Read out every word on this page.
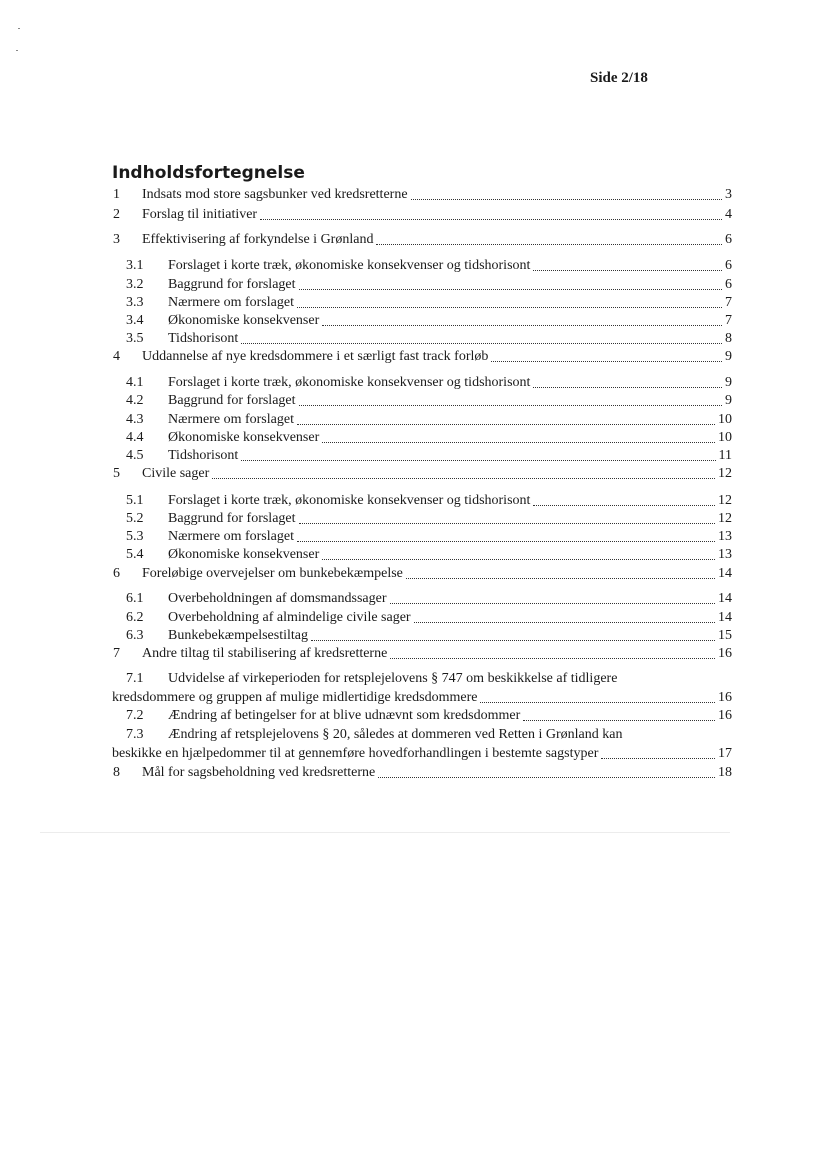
Side 2/18
Indholdsfortegnelse
1 Indsats mod store sagsbunker ved kredsretterne	3
2 Forslag til initiativer	4
3 Effektivisering af forkyndelse i Grønland	6
3.1 Forslaget i korte træk, økonomiske konsekvenser og tidshorisont	6
3.2 Baggrund for forslaget	6
3.3 Nærmere om forslaget	7
3.4 Økonomiske konsekvenser	7
3.5 Tidshorisont	8
4 Uddannelse af nye kredsdommere i et særligt fast track forløb	9
4.1 Forslaget i korte træk, økonomiske konsekvenser og tidshorisont	9
4.2 Baggrund for forslaget	9
4.3 Nærmere om forslaget	10
4.4 Økonomiske konsekvenser	10
4.5 Tidshorisont	11
5 Civile sager	12
5.1 Forslaget i korte træk, økonomiske konsekvenser og tidshorisont	12
5.2 Baggrund for forslaget	12
5.3 Nærmere om forslaget	13
5.4 Økonomiske konsekvenser	13
6 Foreløbige overvejelser om bunkebekæmpelse	14
6.1 Overbeholdningen af domsmandssager	14
6.2 Overbeholdning af almindelige civile sager	14
6.3 Bunkebekæmpelsestiltag	15
7 Andre tiltag til stabilisering af kredsretterne	16
7.1 Udvidelse af virkeperioden for retsplejelovens § 747 om beskikkelse af tidligere
kredsdommere og gruppen af mulige midlertidige kredsdommere	16
7.2 Ændring af betingelser for at blive udnævnt som kredsdommer	16
7.3 Ændring af retsplejelovens § 20, således at dommeren ved Retten i Grønland kan
beskikke en hjælpedommer til at gennemføre hovedforhandlingen i bestemte sagstyper	17
8 Mål for sagsbeholdning ved kredsretterne	18
